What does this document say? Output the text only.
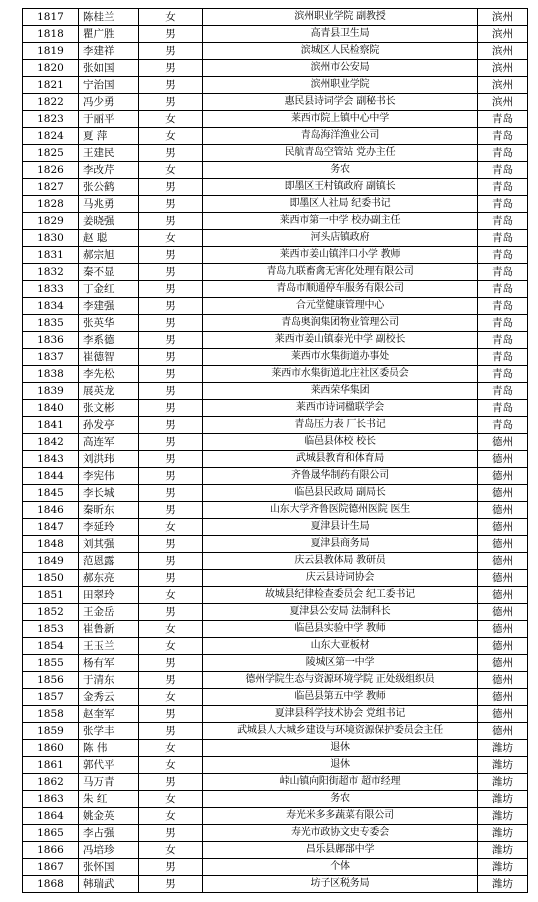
1817	陈桂兰	女	滨州职业学院 副教授	滨州
1818	瞿广胜	男	高青县卫生局	滨州
1819	李建祥	男	滨城区人民检察院	滨州
1820	张如国	男	滨州市公安局	滨州
1821	宁治国	男	滨州职业学院	滨州
1822	冯少勇	男	惠民县诗词学会 副秘书长	滨州
1823	于丽平	女	莱西市院上镇中心中学	青岛
1824	夏 萍	女	青岛海洋渔业公司	青岛
1825	王建民	男	民航青岛空管站 党办主任	青岛
1826	李改芹	女	务农	青岛
1827	张公鹤	男	即墨区王村镇政府 副镇长	青岛
1828	马兆勇	男	即墨区人社局 纪委书记	青岛
1829	姜晓强	男	莱西市第一中学 校办副主任	青岛
1830	赵 聪	女	河头店镇政府	青岛
1831	郝宗旭	男	莱西市姜山镇泮口小学 教师	青岛
1832	秦不显	男	青岛九联畜禽无害化处理有限公司	青岛
1833	丁金红	男	青岛市顺通停车服务有限公司	青岛
1834	李建强	男	合元堂健康管理中心	青岛
1835	张英华	男	青岛奥润集团物业管理公司	青岛
1836	李系德	男	莱西市姜山镇泰光中学 副校长	青岛
1837	崔德智	男	莱西市水集街道办事处	青岛
1838	李先松	男	莱西市水集街道北庄社区委员会	青岛
1839	展英龙	男	莱西荣华集团	青岛
1840	张文彬	男	莱西市诗词楹联学会	青岛
1841	孙发亭	男	青岛压力表 厂长书记	青岛
1842	高连军	男	临邑县体校 校长	德州
1843	刘洪玮	男	武城县教育和体育局	德州
1844	李宪伟	男	齐鲁晟华制药有限公司	德州
1845	李长城	男	临邑县民政局 副局长	德州
1846	秦昕东	男	山东大学齐鲁医院德州医院 医生	德州
1847	李延玲	女	夏津县计生局	德州
1848	刘其强	男	夏津县商务局	德州
1849	范恩露	男	庆云县教体局 教研员	德州
1850	郝东亮	男	庆云县诗词协会	德州
1851	田翠玲	女	故城县纪律检查委员会 纪工委书记	德州
1852	王金岳	男	夏津县公安局 法制科长	德州
1853	崔鲁新	女	临邑县实验中学 教师	德州
1854	王玉兰	女	山东大亚板材	德州
1855	杨有军	男	陵城区第一中学	德州
1856	于清东	男	德州学院生态与资源环境学院 正处级组织员	德州
1857	金秀云	女	临邑县第五中学 教师	德州
1858	赵奎军	男	夏津县科学技术协会 党组书记	德州
1859	张学丰	男	武城县人大城乡建设与环境资源保护委员会主任	德州
1860	陈 伟	女	退休	潍坊
1861	郭代平	女	退休	潍坊
1862	马万青	男	峠山镇向阳街超市 超市经理	潍坊
1863	朱 红	女	务农	潍坊
1864	姚金英	女	寿光米多多蔬菜有限公司	潍坊
1865	李占强	男	寿光市政协文史专委会	潍坊
1866	冯培珍	女	昌乐县鄌郚中学	潍坊
1867	张怀国	男	个体	潍坊
1868	韩瑞武	男	坊子区税务局	潍坊
